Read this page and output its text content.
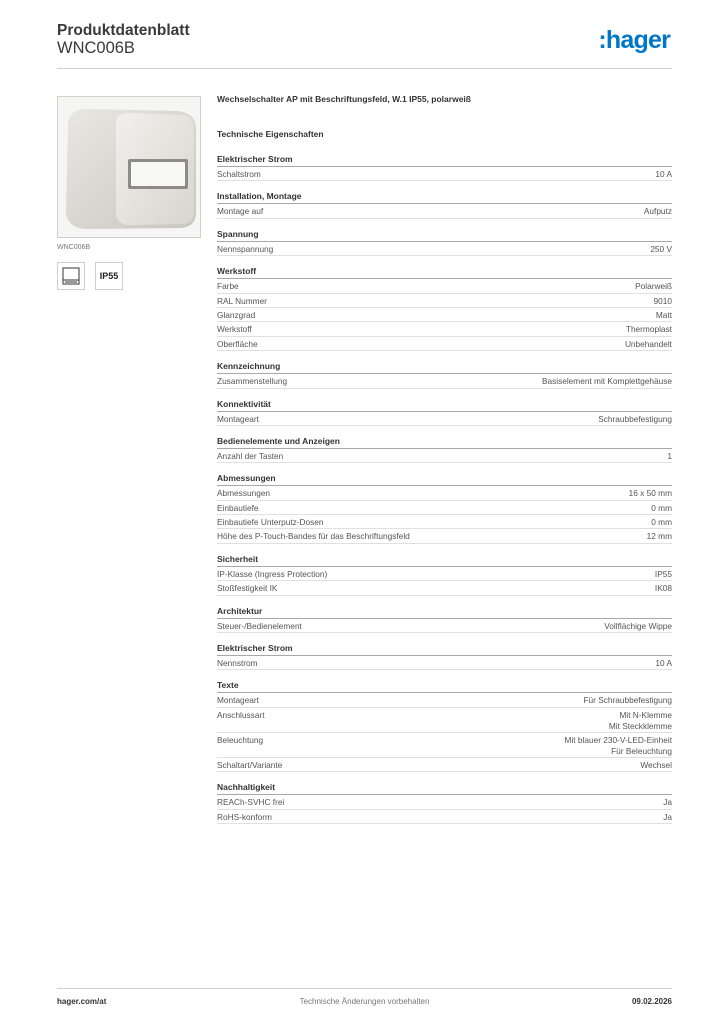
Produktdatenblatt
WNC006B	:hager
WNC006B
IP55
Wechselschalter AP mit Beschriftungsfeld, W.1 IP55, polarweiß
Technische Eigenschaften
Elektrischer Strom
Schaltstrom	10 A
Installation, Montage
Montage auf	Aufputz
Spannung
Nennspannung	250 V
Werkstoff
Farbe	Polarweiß
RAL Nummer	9010
Glanzgrad	Matt
Werkstoff	Thermoplast
Oberfläche	Unbehandelt
Kennzeichnung
Zusammenstellung	Basiselement mit Komplettgehäuse
Konnektivität
Montageart	Schraubbefestigung
Bedienelemente und Anzeigen
Anzahl der Tasten	1
Abmessungen
Abmessungen	16 x 50 mm
Einbautiefe	0 mm
Einbautiefe Unterputz-Dosen	0 mm
Höhe des P-Touch-Bandes für das Beschriftungsfeld	12 mm
Sicherheit
IP-Klasse (Ingress Protection)	IP55
Stoßfestigkeit IK	IK08
Architektur
Steuer-/Bedienelement	Vollflächige Wippe
Elektrischer Strom
Nennstrom	10 A
Texte
Montageart	Für Schraubbefestigung
Anschlussart	Mit N-Klemme
Mit Steckklemme
Beleuchtung	Mit blauer 230-V-LED-Einheit
Für Beleuchtung
Schaltart/Variante	Wechsel
Nachhaltigkeit
REACh-SVHC frei	Ja
RoHS-konform	Ja
hager.com/at	Technische Änderungen vorbehalten	09.02.2026
